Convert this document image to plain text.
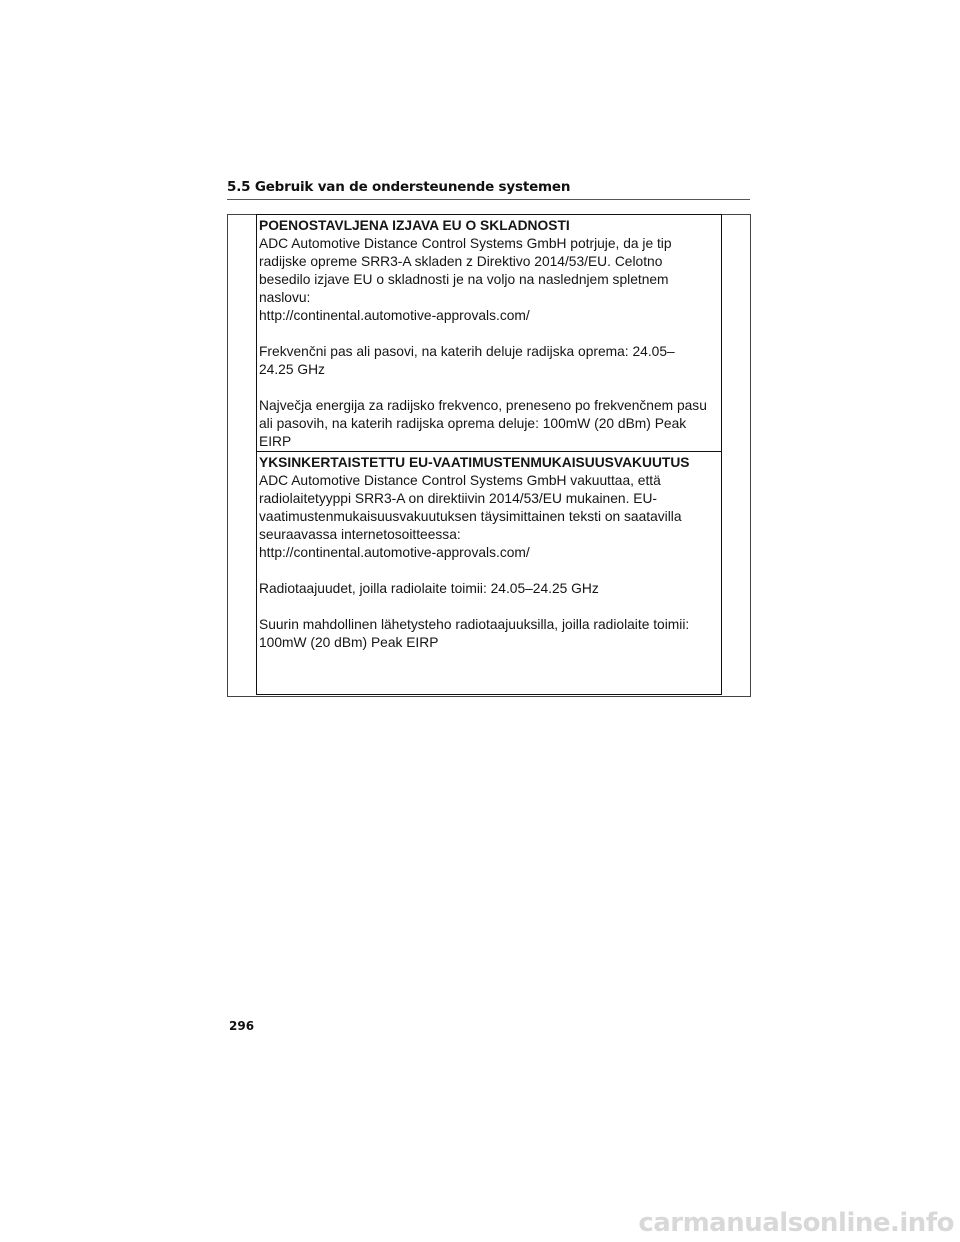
5.5 Gebruik van de ondersteunende systemen
POENOSTAVLJENA IZJAVA EU O SKLADNOSTI

ADC Automotive Distance Control Systems GmbH potrjuje, da je tip
radijske opreme SRR3-A skladen z Direktivo 2014/53/EU. Celotno
besedilo izjave EU o skladnosti je na voljo na naslednjem spletnem
naslovu:
http://continental.automotive-approvals.com/

Frekvenčni pas ali pasovi, na katerih deluje radijska oprema: 24.05–
24.25 GHz

Največja energija za radijsko frekvenco, preneseno po frekvenčnem pasu
ali pasovih, na katerih radijska oprema deluje: 100mW (20 dBm) Peak
EIRP

YKSINKERTAISTETTU EU-VAATIMUSTENMUKAISUUSVAKUUTUS

ADC Automotive Distance Control Systems GmbH vakuuttaa, että
radiolaitetyyppi SRR3-A on direktiivin 2014/53/EU mukainen. EU-
vaatimustenmukaisuusvakuutuksen täysimittainen teksti on saatavilla
seuraavassa internetosoitteessa:
http://continental.automotive-approvals.com/

Radiotaajuudet, joilla radiolaite toimii: 24.05–24.25 GHz

Suurin mahdollinen lähetysteho radiotaajuuksilla, joilla radiolaite toimii:
100mW (20 dBm) Peak EIRP

296
carmanualsonline.info
